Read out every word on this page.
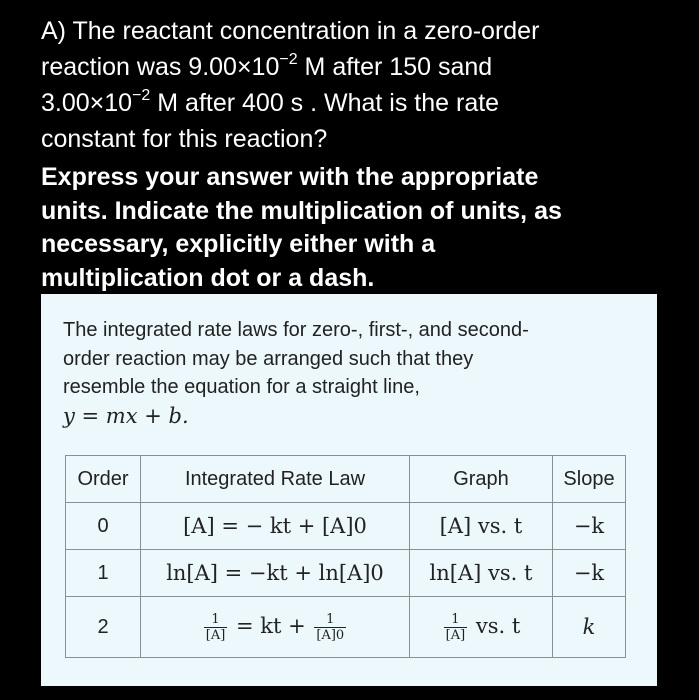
A) The reactant concentration in a zero-order
reaction was $9.00\times 10^{-2}$ M after 150 sand
$3.00\times 10^{-2}$ M after 400 s . What is the rate
constant for this reaction?
Express your answer with the appropriate
units. Indicate the multiplication of units, as
necessary, explicitly either with a
multiplication dot or a dash.
The integrated rate laws for zero-, first-, and second-
order reaction may be arranged such that they
resemble the equation for a straight line,
y = mx + b.
Order	Integrated Rate Law	Graph	Slope
0	[A] = − kt + [A]0	[A] vs. t	−k
1	ln[A] = −kt + ln[A]0	ln[A] vs. t	−k
2	$\frac{1}{[A]}$ = kt + $\frac{1}{[A]0}$	$\frac{1}{[A]}$ vs. t	k
